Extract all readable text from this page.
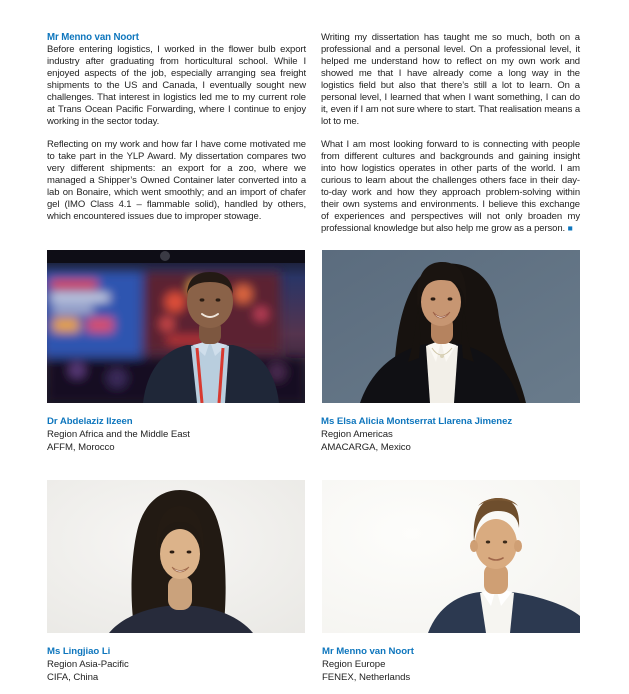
Mr Menno van Noort

Before entering logistics, I worked in the flower bulb export industry after graduating from horticultural school. While I enjoyed aspects of the job, especially arranging sea freight shipments to the US and Canada, I eventually sought new challenges. That interest in logistics led me to my current role at Trans Ocean Pacific Forwarding, where I continue to enjoy working in the sector today.

Reflecting on my work and how far I have come motivated me to take part in the YLP Award. My dissertation compares two very different shipments: an export for a zoo, where we managed a Shipper’s Owned Container later converted into a lab on Bonaire, which went smoothly; and an import of chafer gel (IMO Class 4.1 – flammable solid), handled by others, which encountered issues due to improper stowage.

Writing my dissertation has taught me so much, both on a professional and a personal level. On a professional level, it helped me understand how to reflect on my own work and showed me that I have already come a long way in the logistics field but also that there’s still a lot to learn. On a personal level, I learned that when I want something, I can do it, even if I am not sure where to start. That realisation means a lot to me.

What I am most looking forward to is connecting with people from different cultures and backgrounds and gaining insight into how logistics operates in other parts of the world. I am curious to learn about the challenges others face in their day-to-day work and how they approach problem-solving within their own systems and environments. I believe this exchange of experiences and perspectives will not only broaden my professional knowledge but also help me grow as a person. ■

Dr Abdelaziz Ilzeen
Region Africa and the Middle East
AFFM, Morocco
Ms Elsa Alicia Montserrat Llarena Jimenez
Region Americas
AMACARGA, Mexico
Ms Lingjiao Li
Region Asia-Pacific
CIFA, China
Mr Menno van Noort
Region Europe
FENEX, Netherlands
